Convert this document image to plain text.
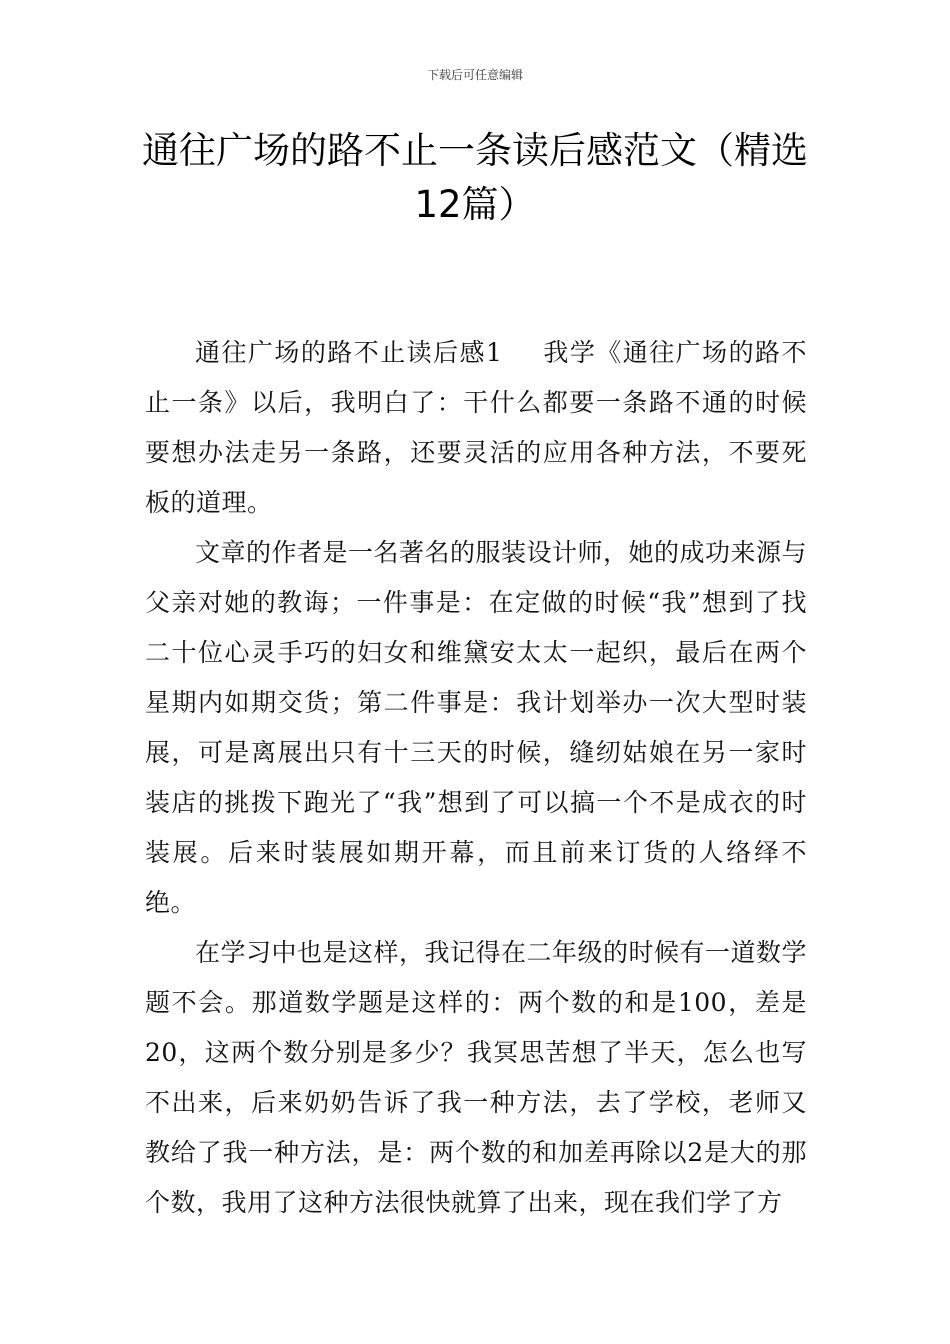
下载后可任意编辑
通往广场的路不止一条读后感范文（精选
12篇）

通往广场的路不止读后感1 我学《通往广场的路不止一条》以后，我明白了：干什么都要一条路不通的时候要想办法走另一条路，还要灵活的应用各种方法，不要死板的道理。

文章的作者是一名著名的服装设计师，她的成功来源与父亲对她的教诲；一件事是：在定做的时候“我”想到了找二十位心灵手巧的妇女和维黛安太太一起织，最后在两个星期内如期交货；第二件事是：我计划举办一次大型时装展，可是离展出只有十三天的时候，缝纫姑娘在另一家时装店的挑拨下跑光了“我”想到了可以搞一个不是成衣的时装展。后来时装展如期开幕，而且前来订货的人络绎不绝。

在学习中也是这样，我记得在二年级的时候有一道数学题不会。那道数学题是这样的：两个数的和是100，差是20，这两个数分别是多少？我冥思苦想了半天，怎么也写不出来，后来奶奶告诉了我一种方法，去了学校，老师又教给了我一种方法，是：两个数的和加差再除以2是大的那个数，我用了这种方法很快就算了出来，现在我们学了方
